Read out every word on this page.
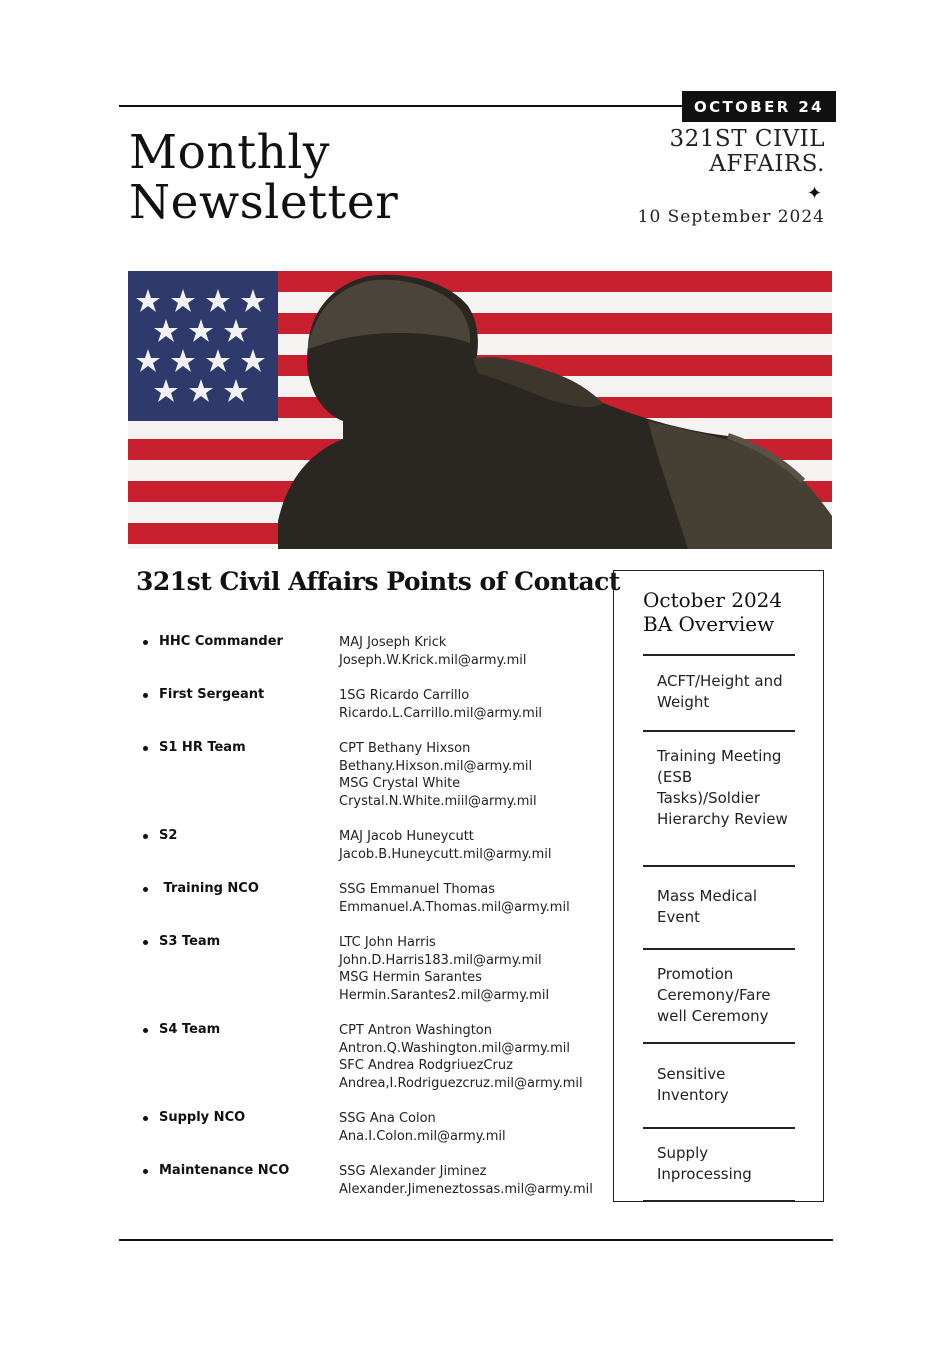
OCTOBER 24
Monthly
Newsletter
321ST CIVIL
AFFAIRS.
✦
10 September 2024
321st Civil Affairs Points of Contact
HHC Commander	MAJ Joseph Krick
Joseph.W.Krick.mil@army.mil
First Sergeant	1SG Ricardo Carrillo
Ricardo.L.Carrillo.mil@army.mil
S1 HR Team	CPT Bethany Hixson
Bethany.Hixson.mil@army.mil
MSG Crystal White
Crystal.N.White.miil@army.mil
S2	MAJ Jacob Huneycutt
Jacob.B.Huneycutt.mil@army.mil
Training NCO	SSG Emmanuel Thomas
Emmanuel.A.Thomas.mil@army.mil
S3 Team	LTC John Harris
John.D.Harris183.mil@army.mil
MSG Hermin Sarantes
Hermin.Sarantes2.mil@army.mil
S4 Team	CPT Antron Washington
Antron.Q.Washington.mil@army.mil
SFC Andrea RodgriuezCruz
Andrea,I.Rodriguezcruz.mil@army.mil
Supply NCO	SSG Ana Colon
Ana.I.Colon.mil@army.mil
Maintenance NCO	SSG Alexander Jiminez
Alexander.Jimeneztossas.mil@army.mil
October 2024
BA Overview
ACFT/Height and Weight
Training Meeting (ESB Tasks)/Soldier Hierarchy Review
Mass Medical Event
Promotion Ceremony/Fare well Ceremony
Sensitive Inventory
Supply Inprocessing
